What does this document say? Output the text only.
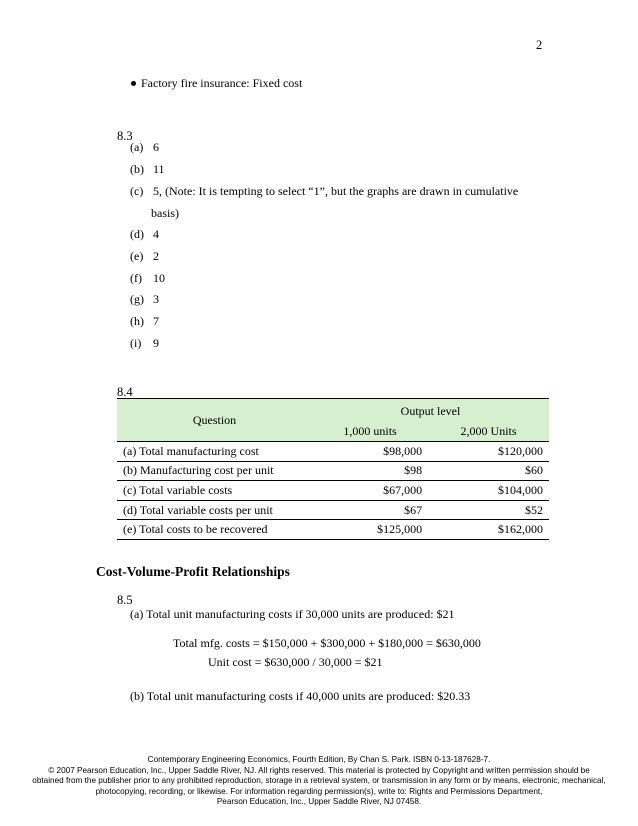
2
Factory fire insurance: Fixed cost
8.3
(a) 6
(b) 11
(c) 5, (Note: It is tempting to select “1”, but the graphs are drawn in cumulative
basis)
(d) 4
(e) 2
(f) 10
(g) 3
(h) 7
(i) 9
8.4
Question	Output level	
	1,000 units	2,000 Units
(a) Total manufacturing cost	$98,000	$120,000
(b) Manufacturing cost per unit	$98	$60
(c) Total variable costs	$67,000	$104,000
(d) Total variable costs per unit	$67	$52
(e) Total costs to be recovered	$125,000	$162,000
Cost-Volume-Profit Relationships
8.5
(a) Total unit manufacturing costs if 30,000 units are produced: $21
Total mfg. costs = $150,000 + $300,000 + $180,000 = $630,000
Unit cost = $630,000 / 30,000 = $21
(b) Total unit manufacturing costs if 40,000 units are produced: $20.33
Contemporary Engineering Economics, Fourth Edition, By Chan S. Park. ISBN 0-13-187628-7.
© 2007 Pearson Education, Inc., Upper Saddle River, NJ. All rights reserved. This material is protected by Copyright and written permission should be
obtained from the publisher prior to any prohibited reproduction, storage in a retrieval system, or transmission in any form or by means, electronic, mechanical,
photocopying, recording, or likewise. For information regarding permission(s), write to: Rights and Permissions Department,
Pearson Education, Inc., Upper Saddle River, NJ 07458.
